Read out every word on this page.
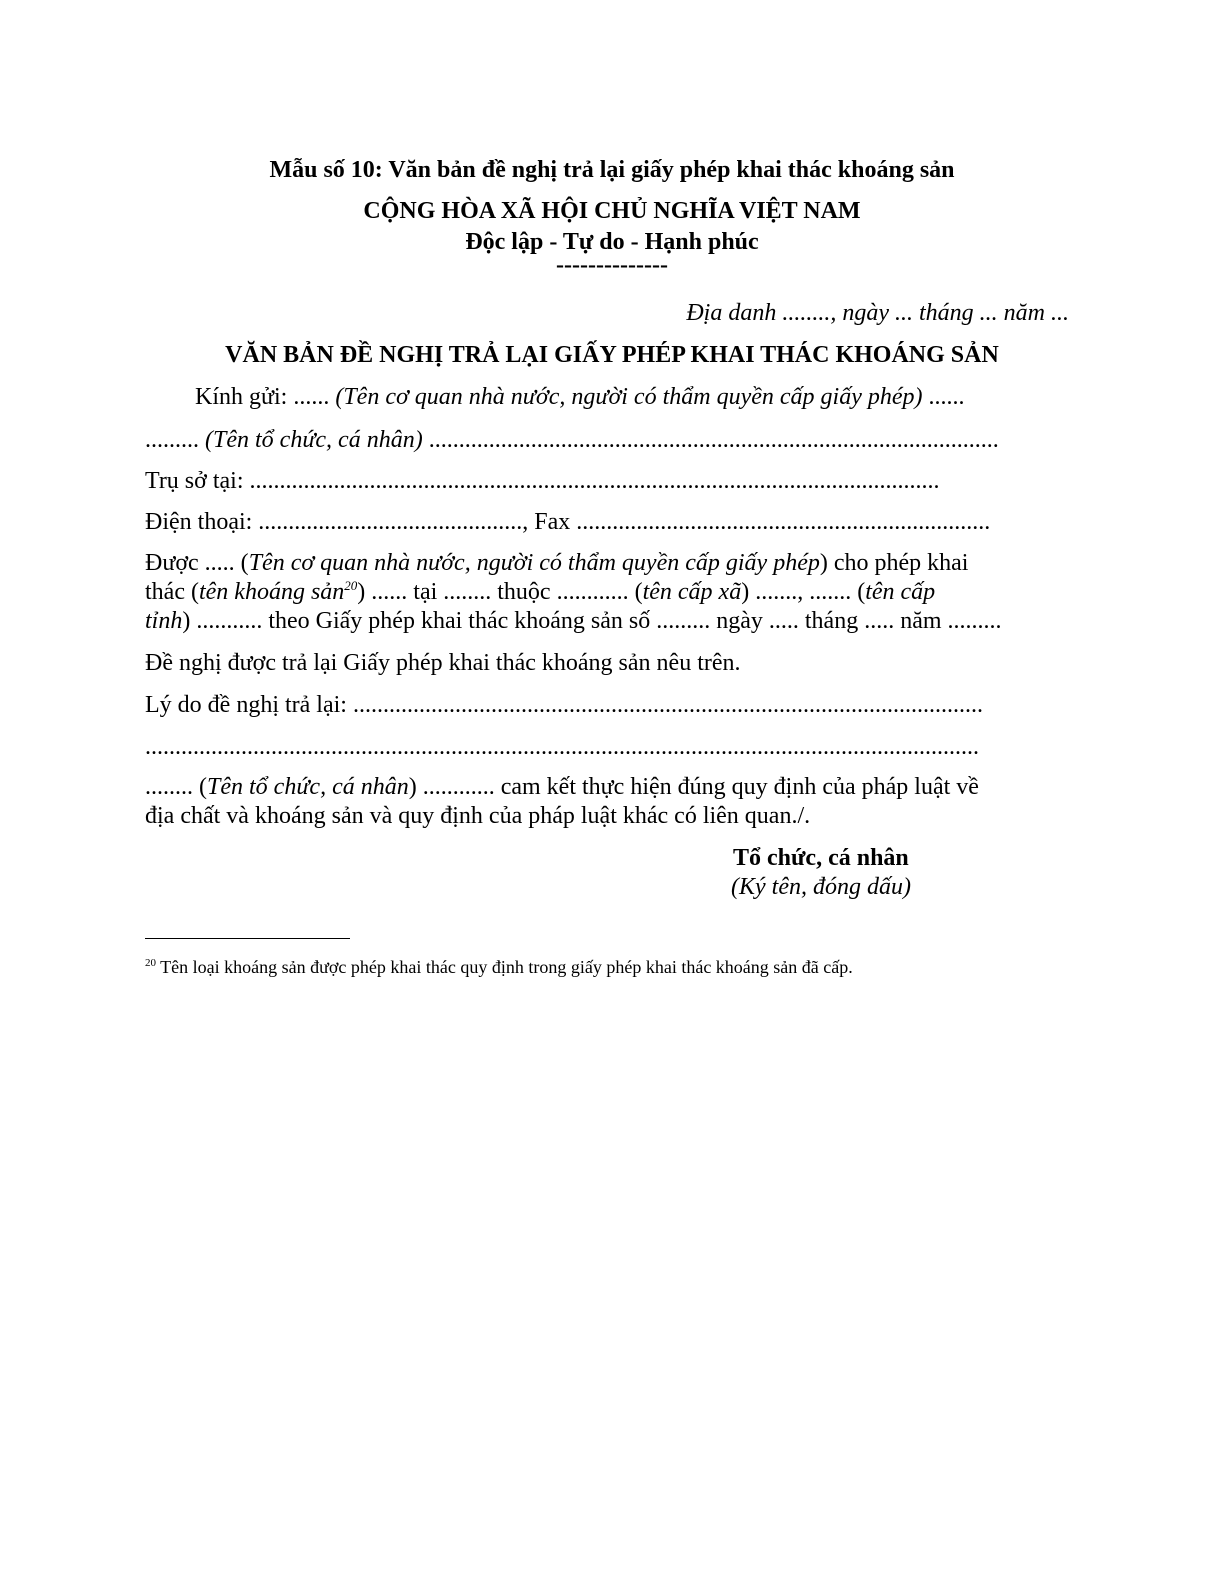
Mẫu số 10: Văn bản đề nghị trả lại giấy phép khai thác khoáng sản
CỘNG HÒA XÃ HỘI CHỦ NGHĨA VIỆT NAM
Độc lập - Tự do - Hạnh phúc
--------------
Địa danh ........, ngày ... tháng ... năm ...
VĂN BẢN ĐỀ NGHỊ TRẢ LẠI GIẤY PHÉP KHAI THÁC KHOÁNG SẢN
Kính gửi: ...... (Tên cơ quan nhà nước, người có thẩm quyền cấp giấy phép) ......
......... (Tên tổ chức, cá nhân) ...............................................................................................
Trụ sở tại: ...................................................................................................................
Điện thoại: ............................................, Fax .....................................................................
Được ..... (Tên cơ quan nhà nước, người có thẩm quyền cấp giấy phép) cho phép khai
thác (tên khoáng sản$^{20}$) ...... tại ........ thuộc ............ (tên cấp xã) ......., ....... (tên cấp
tỉnh) ........... theo Giấy phép khai thác khoáng sản số ......... ngày ..... tháng ..... năm .........
Đề nghị được trả lại Giấy phép khai thác khoáng sản nêu trên.
Lý do đề nghị trả lại: .........................................................................................................
...........................................................................................................................................
........ (Tên tổ chức, cá nhân) ............ cam kết thực hiện đúng quy định của pháp luật về
địa chất và khoáng sản và quy định của pháp luật khác có liên quan./.
Tổ chức, cá nhân
(Ký tên, đóng dấu)
$^{20}$ Tên loại khoáng sản được phép khai thác quy định trong giấy phép khai thác khoáng sản đã cấp.
